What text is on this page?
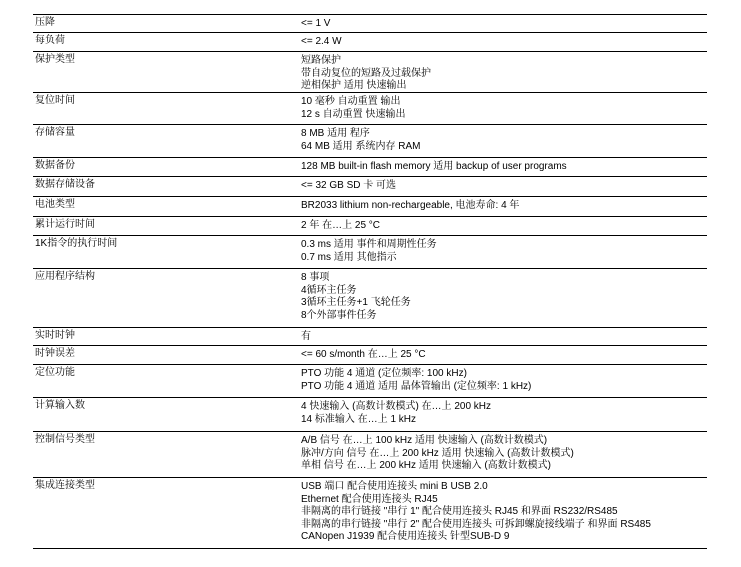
压降	<= 1 V
每负荷	<= 2.4 W
保护类型	短路保护
带自动复位的短路及过载保护
逆相保护 适用 快速输出
复位时间	10 毫秒 自动重置 输出
12 s 自动重置 快速输出
存储容量	8 MB 适用 程序
64 MB 适用 系统内存 RAM
数据备份	128 MB built-in flash memory 适用 backup of user programs
数据存储设备	<= 32 GB SD 卡 可选
电池类型	BR2033 lithium non-rechargeable, 电池寿命: 4 年
累计运行时间	2 年 在…上 25 °C
1K指令的执行时间	0.3 ms 适用 事件和周期性任务
0.7 ms 适用 其他指示
应用程序结构	8 事项
4循环主任务
3循环主任务+1 飞轮任务
8个外部事件任务
实时时钟	有
时钟误差	<= 60 s/month 在…上 25 °C
定位功能	PTO 功能 4 通道 (定位频率: 100 kHz)
PTO 功能 4 通道 适用 晶体管输出 (定位频率: 1 kHz)
计算输入数	4 快速输入 (高数计数模式) 在…上 200 kHz
14 标准输入 在…上 1 kHz
控制信号类型	A/B 信号 在…上 100 kHz 适用 快速输入 (高数计数模式)
脉冲/方向 信号 在…上 200 kHz 适用 快速输入 (高数计数模式)
单相 信号 在…上 200 kHz 适用 快速输入 (高数计数模式)
集成连接类型	USB 端口 配合使用连接头 mini B USB 2.0
Ethernet 配合使用连接头 RJ45
非隔离的串行链接 "串行 1" 配合使用连接头 RJ45 和界面 RS232/RS485
非隔离的串行链接 "串行 2" 配合使用连接头 可拆卸螺旋接线端子 和界面 RS485
CANopen J1939 配合使用连接头 针型SUB-D 9
